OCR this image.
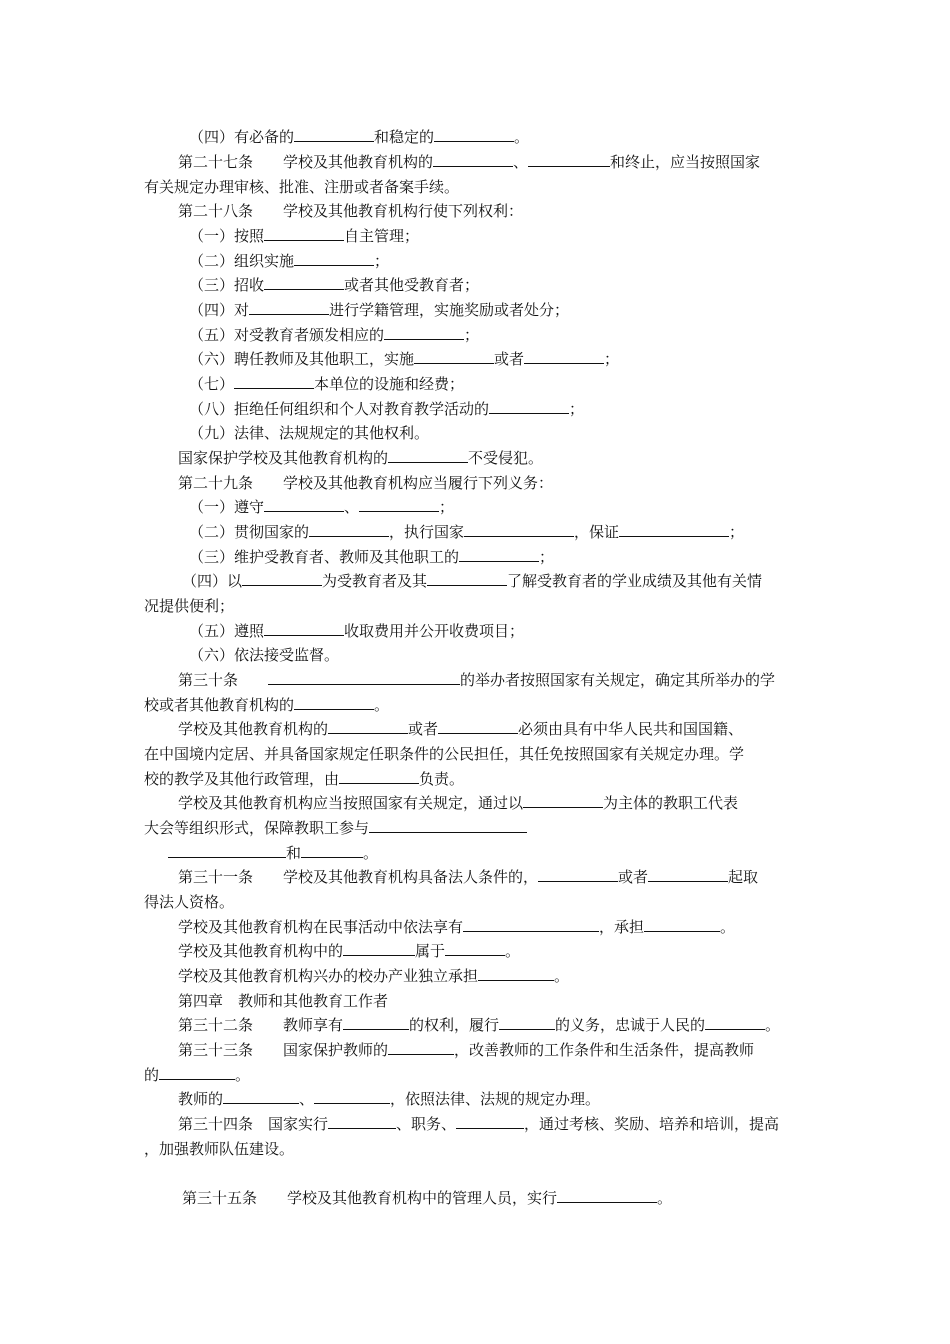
（四）有必备的	和稳定的	。
第二十七条　　学校及其他教育机构的	、	和终止，应当按照国家
有关规定办理审核、批准、注册或者备案手续。
第二十八条　　学校及其他教育机构行使下列权利：
（一）按照	自主管理；
（二）组织实施	；
（三）招收	或者其他受教育者；
（四）对	进行学籍管理，实施奖励或者处分；
（五）对受教育者颁发相应的	；
（六）聘任教师及其他职工，实施	或者	；
（七）	本单位的设施和经费；
（八）拒绝任何组织和个人对教育教学活动的	；
（九）法律、法规规定的其他权利。
国家保护学校及其他教育机构的	不受侵犯。
第二十九条　　学校及其他教育机构应当履行下列义务：
（一）遵守	、	；
（二）贯彻国家的	，执行国家	，保证	；
（三）维护受教育者、教师及其他职工的	；
（四）以	为受教育者及其	了解受教育者的学业成绩及其他有关情
况提供便利；
（五）遵照	收取费用并公开收费项目；
（六）依法接受监督。
第三十条　　	的举办者按照国家有关规定，确定其所举办的学
校或者其他教育机构的	。
学校及其他教育机构的	或者	必须由具有中华人民共和国国籍、
在中国境内定居、并具备国家规定任职条件的公民担任，其任免按照国家有关规定办理。学
校的教学及其他行政管理，由	负责。
学校及其他教育机构应当按照国家有关规定，通过以	为主体的教职工代表
大会等组织形式，保障教职工参与
和	。
第三十一条　　学校及其他教育机构具备法人条件的，	或者	起取
得法人资格。
学校及其他教育机构在民事活动中依法享有	，承担	。
学校及其他教育机构中的	属于	。
学校及其他教育机构兴办的校办产业独立承担	。
第四章　教师和其他教育工作者
第三十二条　　教师享有	的权利，履行	的义务，忠诚于人民的	。
第三十三条　　国家保护教师的	，改善教师的工作条件和生活条件，提高教师
的	。
教师的	、	，依照法律、法规的规定办理。
第三十四条　国家实行	、职务、	，通过考核、奖励、培养和培训，提高
，加强教师队伍建设。
第三十五条　　学校及其他教育机构中的管理人员，实行	。
